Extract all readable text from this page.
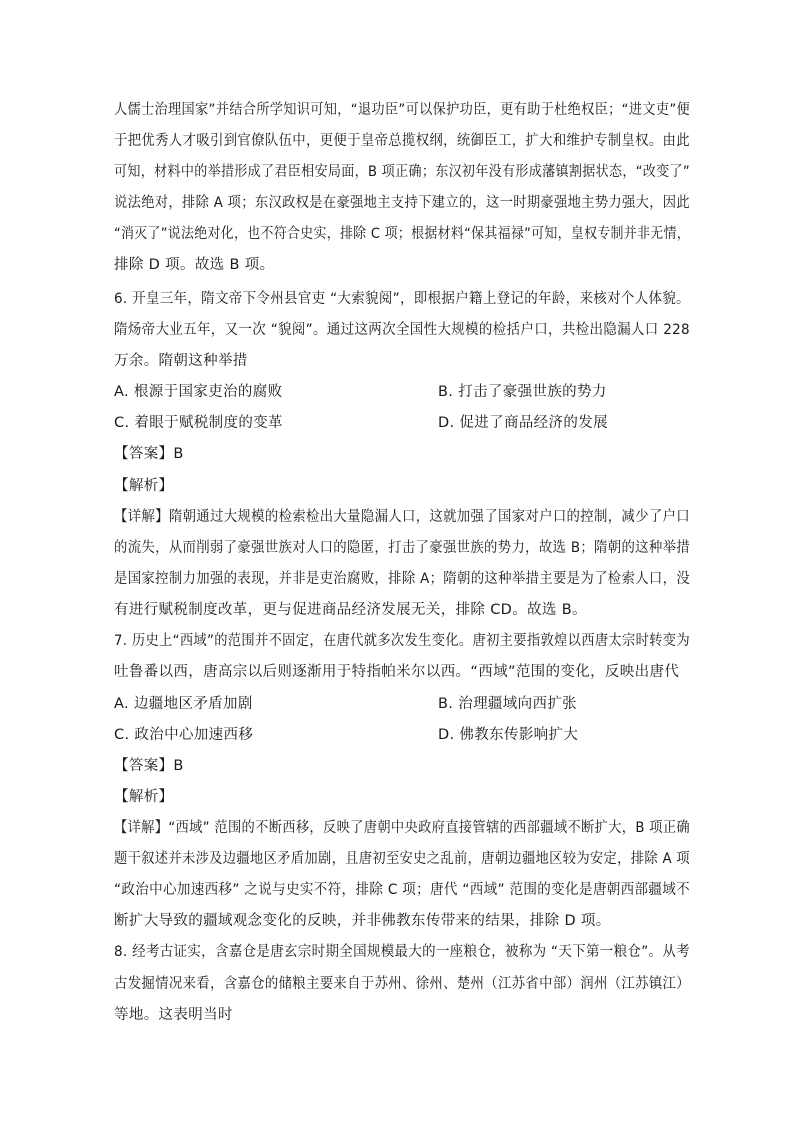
人儒士治理国家”并结合所学知识可知，“退功臣”可以保护功臣，更有助于杜绝权臣；“进文吏”便
于把优秀人才吸引到官僚队伍中，更便于皇帝总揽权纲，统御臣工，扩大和维护专制皇权。由此
可知，材料中的举措形成了君臣相安局面，B 项正确；东汉初年没有形成藩镇割据状态，“改变了”
说法绝对，排除 A 项；东汉政权是在豪强地主支持下建立的，这一时期豪强地主势力强大，因此
“消灭了”说法绝对化，也不符合史实，排除 C 项；根据材料“保其福禄”可知，皇权专制并非无情，
排除 D 项。故选 B 项。
6. 开皇三年，隋文帝下令州县官吏 “大索貌阅”，即根据户籍上登记的年龄，来核对个人体貌。
隋炀帝大业五年，又一次 “貌阅”。通过这两次全国性大规模的检括户口，共检出隐漏人口 228
万余。隋朝这种举措
A. 根源于国家吏治的腐败	B. 打击了豪强世族的势力
C. 着眼于赋税制度的变革	D. 促进了商品经济的发展
【答案】B
【解析】
【详解】隋朝通过大规模的检索检出大量隐漏人口，这就加强了国家对户口的控制，减少了户口
的流失，从而削弱了豪强世族对人口的隐匿，打击了豪强世族的势力，故选 B；隋朝的这种举措
是国家控制力加强的表现，并非是吏治腐败，排除 A；隋朝的这种举措主要是为了检索人口，没
有进行赋税制度改革，更与促进商品经济发展无关，排除 CD。故选 B。
7. 历史上“西域”的范围并不固定，在唐代就多次发生变化。唐初主要指敦煌以西唐太宗时转变为
吐鲁番以西，唐高宗以后则逐渐用于特指帕米尔以西。“西域”范围的变化，反映出唐代
A. 边疆地区矛盾加剧	B. 治理疆域向西扩张
C. 政治中心加速西移	D. 佛教东传影响扩大
【答案】B
【解析】
【详解】“西域” 范围的不断西移，反映了唐朝中央政府直接管辖的西部疆域不断扩大，B 项正确
题干叙述并未涉及边疆地区矛盾加剧，且唐初至安史之乱前，唐朝边疆地区较为安定，排除 A 项
“政治中心加速西移” 之说与史实不符，排除 C 项；唐代 “西域” 范围的变化是唐朝西部疆域不
断扩大导致的疆域观念变化的反映，并非佛教东传带来的结果，排除 D 项。
8. 经考古证实，含嘉仓是唐玄宗时期全国规模最大的一座粮仓，被称为 “天下第一粮仓”。从考
古发掘情况来看，含嘉仓的储粮主要来自于苏州、徐州、楚州（江苏省中部）润州（江苏镇江）
等地。这表明当时
